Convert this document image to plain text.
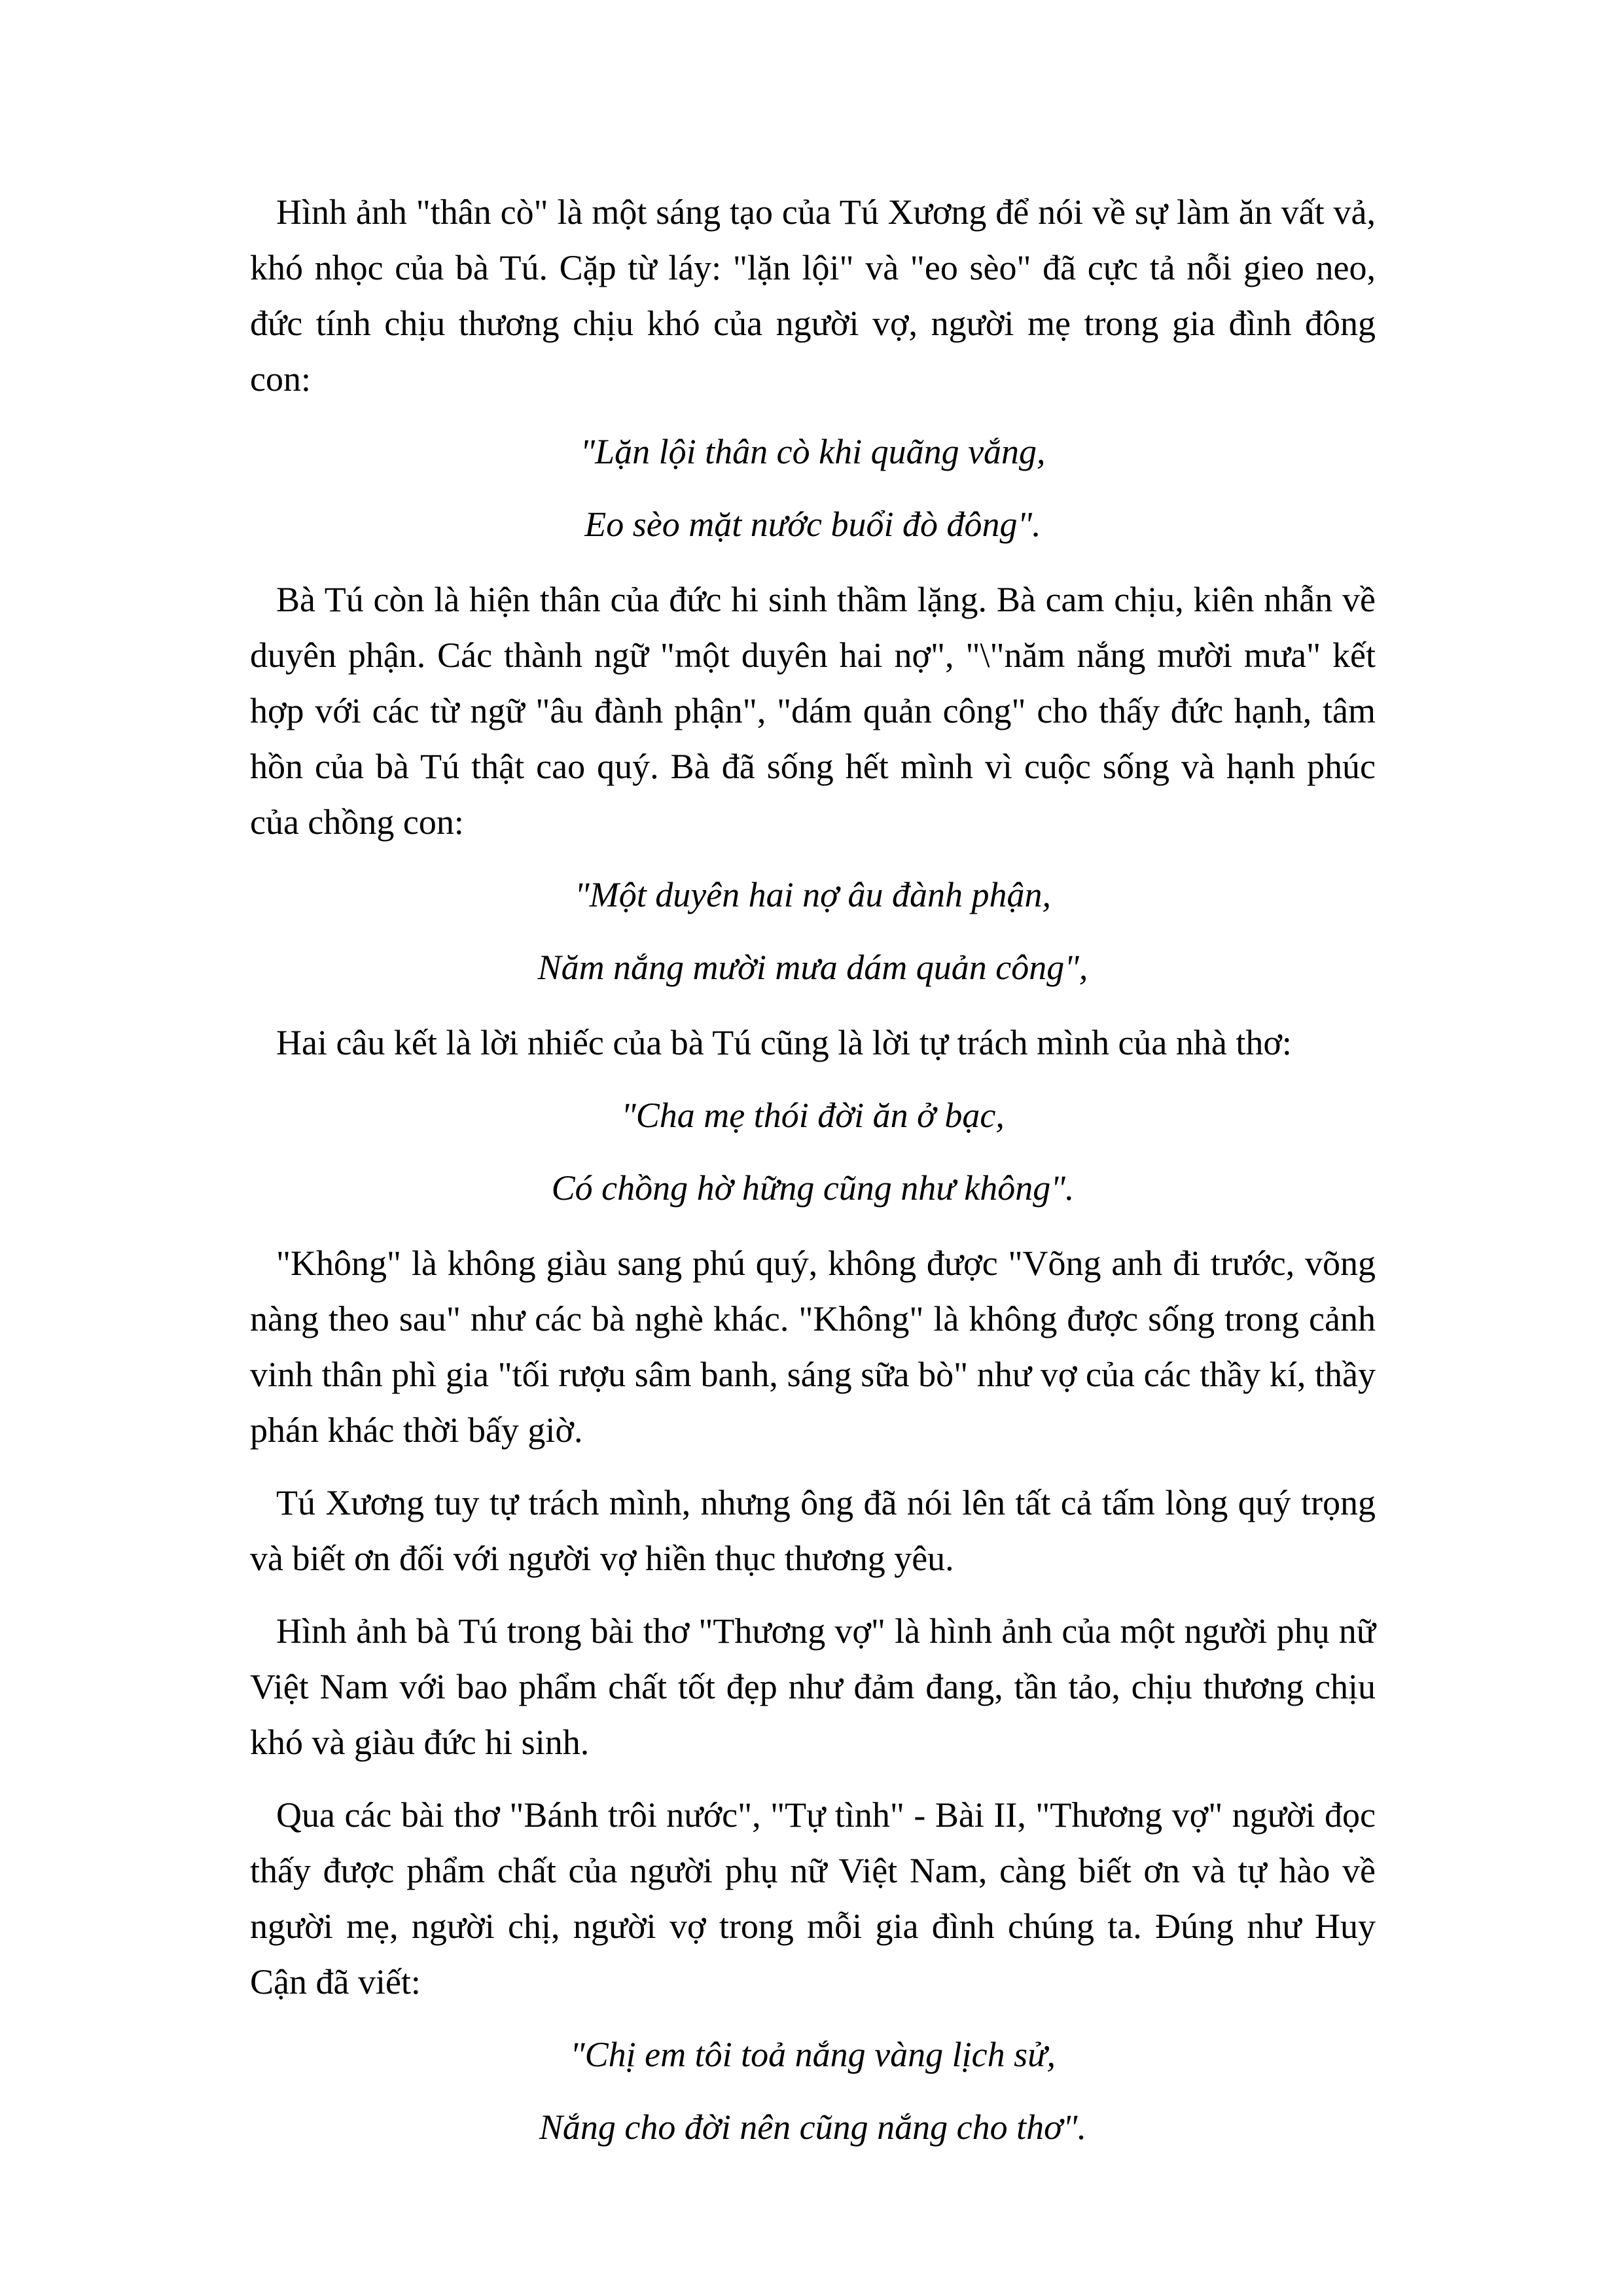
Hình ảnh "thân cò" là một sáng tạo của Tú Xương để nói về sự làm ăn vất vả, khó nhọc của bà Tú. Cặp từ láy: "lặn lội" và "eo sèo" đã cực tả nỗi gieo neo, đức tính chịu thương chịu khó của người vợ, người mẹ trong gia đình đông con:

"Lặn lội thân cò khi quãng vắng,

Eo sèo mặt nước buổi đò đông".

Bà Tú còn là hiện thân của đức hi sinh thầm lặng. Bà cam chịu, kiên nhẫn về duyên phận. Các thành ngữ "một duyên hai nợ", "\"năm nắng mười mưa" kết hợp với các từ ngữ "âu đành phận", "dám quản công" cho thấy đức hạnh, tâm hồn của bà Tú thật cao quý. Bà đã sống hết mình vì cuộc sống và hạnh phúc của chồng con:

"Một duyên hai nợ âu đành phận,

Năm nắng mười mưa dám quản công",

Hai câu kết là lời nhiếc của bà Tú cũng là lời tự trách mình của nhà thơ:

"Cha mẹ thói đời ăn ở bạc,

Có chồng hờ hững cũng như không".

"Không" là không giàu sang phú quý, không được "Võng anh đi trước, võng nàng theo sau" như các bà nghè khác. "Không" là không được sống trong cảnh vinh thân phì gia "tối rượu sâm banh, sáng sữa bò" như vợ của các thầy kí, thầy phán khác thời bấy giờ.

Tú Xương tuy tự trách mình, nhưng ông đã nói lên tất cả tấm lòng quý trọng và biết ơn đối với người vợ hiền thục thương yêu.

Hình ảnh bà Tú trong bài thơ "Thương vợ" là hình ảnh của một người phụ nữ Việt Nam với bao phẩm chất tốt đẹp như đảm đang, tần tảo, chịu thương chịu khó và giàu đức hi sinh.

Qua các bài thơ "Bánh trôi nước", "Tự tình" - Bài II, "Thương vợ" người đọc thấy được phẩm chất của người phụ nữ Việt Nam, càng biết ơn và tự hào về người mẹ, người chị, người vợ trong mỗi gia đình chúng ta. Đúng như Huy Cận đã viết:

"Chị em tôi toả nắng vàng lịch sử,

Nắng cho đời nên cũng nắng cho thơ".
